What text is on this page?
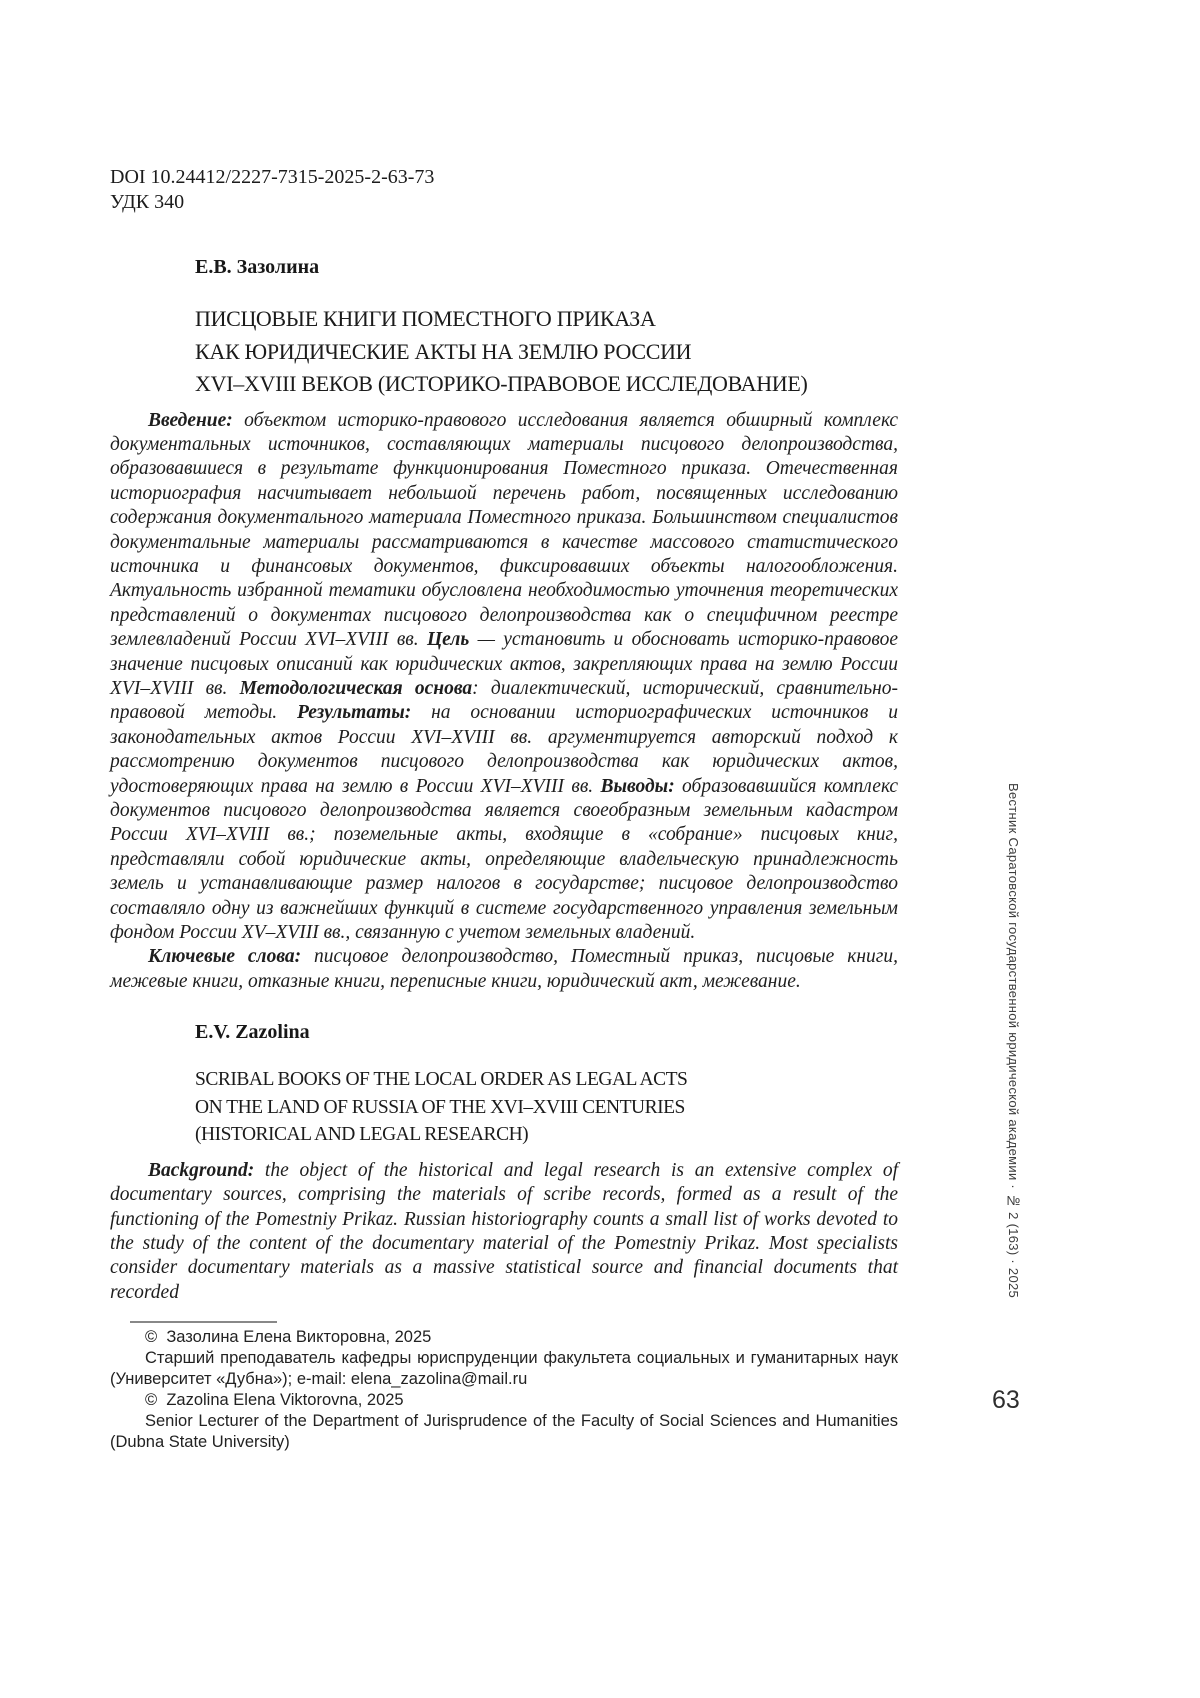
DOI 10.24412/2227-7315-2025-2-63-73
УДК 340
Е.В. Зазолина
ПИСЦОВЫЕ КНИГИ ПОМЕСТНОГО ПРИКАЗА
КАК ЮРИДИЧЕСКИЕ АКТЫ НА ЗЕМЛЮ РОССИИ
XVI–XVIII ВЕКОВ (ИСТОРИКО-ПРАВОВОЕ ИССЛЕДОВАНИЕ)

Введение: объектом историко-правового исследования является обширный комплекс документальных источников, составляющих материалы писцового делопроизводства, образовавшиеся в результате функционирования Поместного приказа. Отечественная историография насчитывает небольшой перечень работ, посвященных исследованию содержания документального материала Поместного приказа. Большинством специалистов документальные материалы рассматриваются в качестве массового статистического источника и финансовых документов, фиксировавших объекты налогообложения. Актуальность избранной тематики обусловлена необходимостью уточнения теоретических представлений о документах писцового делопроизводства как о специфичном реестре землевладений России XVI–XVIII вв. Цель — установить и обосновать историко-правовое значение писцовых описаний как юридических актов, закрепляющих права на землю России XVI–XVIII вв. Методологическая основа: диалектический, исторический, сравнительно-правовой методы. Результаты: на основании историографических источников и законодательных актов России XVI–XVIII вв. аргументируется авторский подход к рассмотрению документов писцового делопроизводства как юридических актов, удостоверяющих права на землю в России XVI–XVIII вв. Выводы: образовавшийся комплекс документов писцового делопроизводства является своеобразным земельным кадастром России XVI–XVIII вв.; поземельные акты, входящие в «собрание» писцовых книг, представляли собой юридические акты, определяющие владельческую принадлежность земель и устанавливающие размер налогов в государстве; писцовое делопроизводство составляло одну из важнейших функций в системе государственного управления земельным фондом России XV–XVIII вв., связанную с учетом земельных владений.

Ключевые слова: писцовое делопроизводство, Поместный приказ, писцовые книги, межевые книги, отказные книги, переписные книги, юридический акт, межевание.

E.V. Zazolina
SCRIBAL BOOKS OF THE LOCAL ORDER AS LEGAL ACTS
ON THE LAND OF RUSSIA OF THE XVI–XVIII CENTURIES
(HISTORICAL AND LEGAL RESEARCH)

Background: the object of the historical and legal research is an extensive complex of documentary sources, comprising the materials of scribe records, formed as a result of the functioning of the Pomestniy Prikaz. Russian historiography counts a small list of works devoted to the study of the content of the documentary material of the Pomestniy Prikaz. Most specialists consider documentary materials as a massive statistical source and financial documents that recorded

©  Зазолина Елена Викторовна, 2025

Старший преподаватель кафедры юриспруденции факультета социальных и гуманитарных наук (Университет «Дубна»); e-mail: elena_zazolina@mail.ru

©  Zazolina Elena Viktorovna, 2025

Senior Lecturer of the Department of Jurisprudence of the Faculty of Social Sciences and Humanities (Dubna State University)

Вестник Саратовской государственной юридической академии · № 2 (163) · 2025
63
